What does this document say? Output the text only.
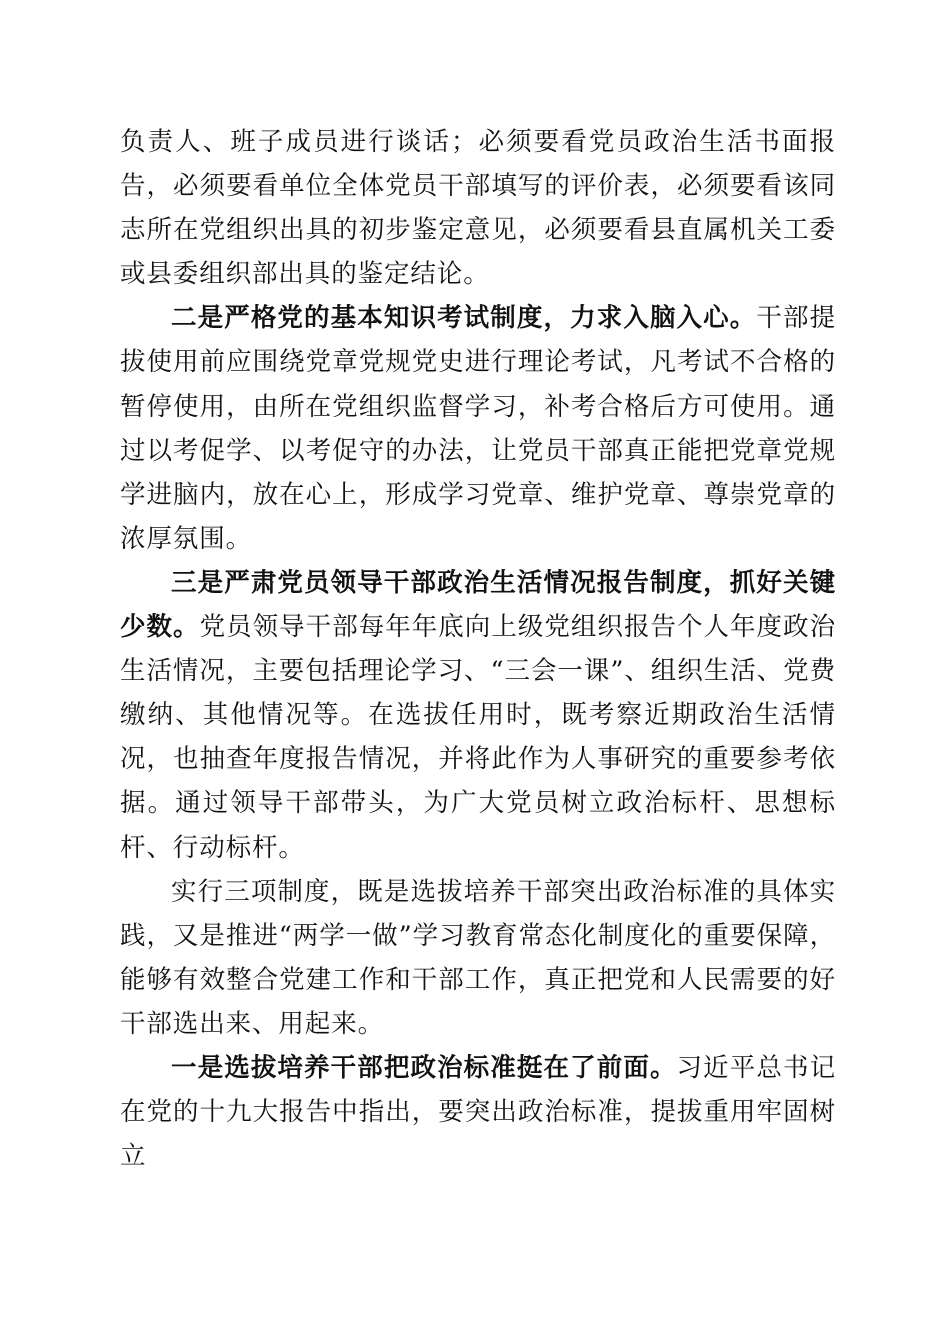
负责人、班子成员进行谈话；必须要看党员政治生活书面报告，必须要看单位全体党员干部填写的评价表，必须要看该同志所在党组织出具的初步鉴定意见，必须要看县直属机关工委或县委组织部出具的鉴定结论。

二是严格党的基本知识考试制度，力求入脑入心。干部提拔使用前应围绕党章党规党史进行理论考试，凡考试不合格的暂停使用，由所在党组织监督学习，补考合格后方可使用。通过以考促学、以考促守的办法，让党员干部真正能把党章党规学进脑内，放在心上，形成学习党章、维护党章、尊崇党章的浓厚氛围。

三是严肃党员领导干部政治生活情况报告制度，抓好关键少数。党员领导干部每年年底向上级党组织报告个人年度政治生活情况，主要包括理论学习、“三会一课”、组织生活、党费缴纳、其他情况等。在选拔任用时，既考察近期政治生活情况，也抽查年度报告情况，并将此作为人事研究的重要参考依据。通过领导干部带头，为广大党员树立政治标杆、思想标杆、行动标杆。

实行三项制度，既是选拔培养干部突出政治标准的具体实践，又是推进“两学一做”学习教育常态化制度化的重要保障，能够有效整合党建工作和干部工作，真正把党和人民需要的好干部选出来、用起来。

一是选拔培养干部把政治标准挺在了前面。习近平总书记在党的十九大报告中指出，要突出政治标准，提拔重用牢固树立
